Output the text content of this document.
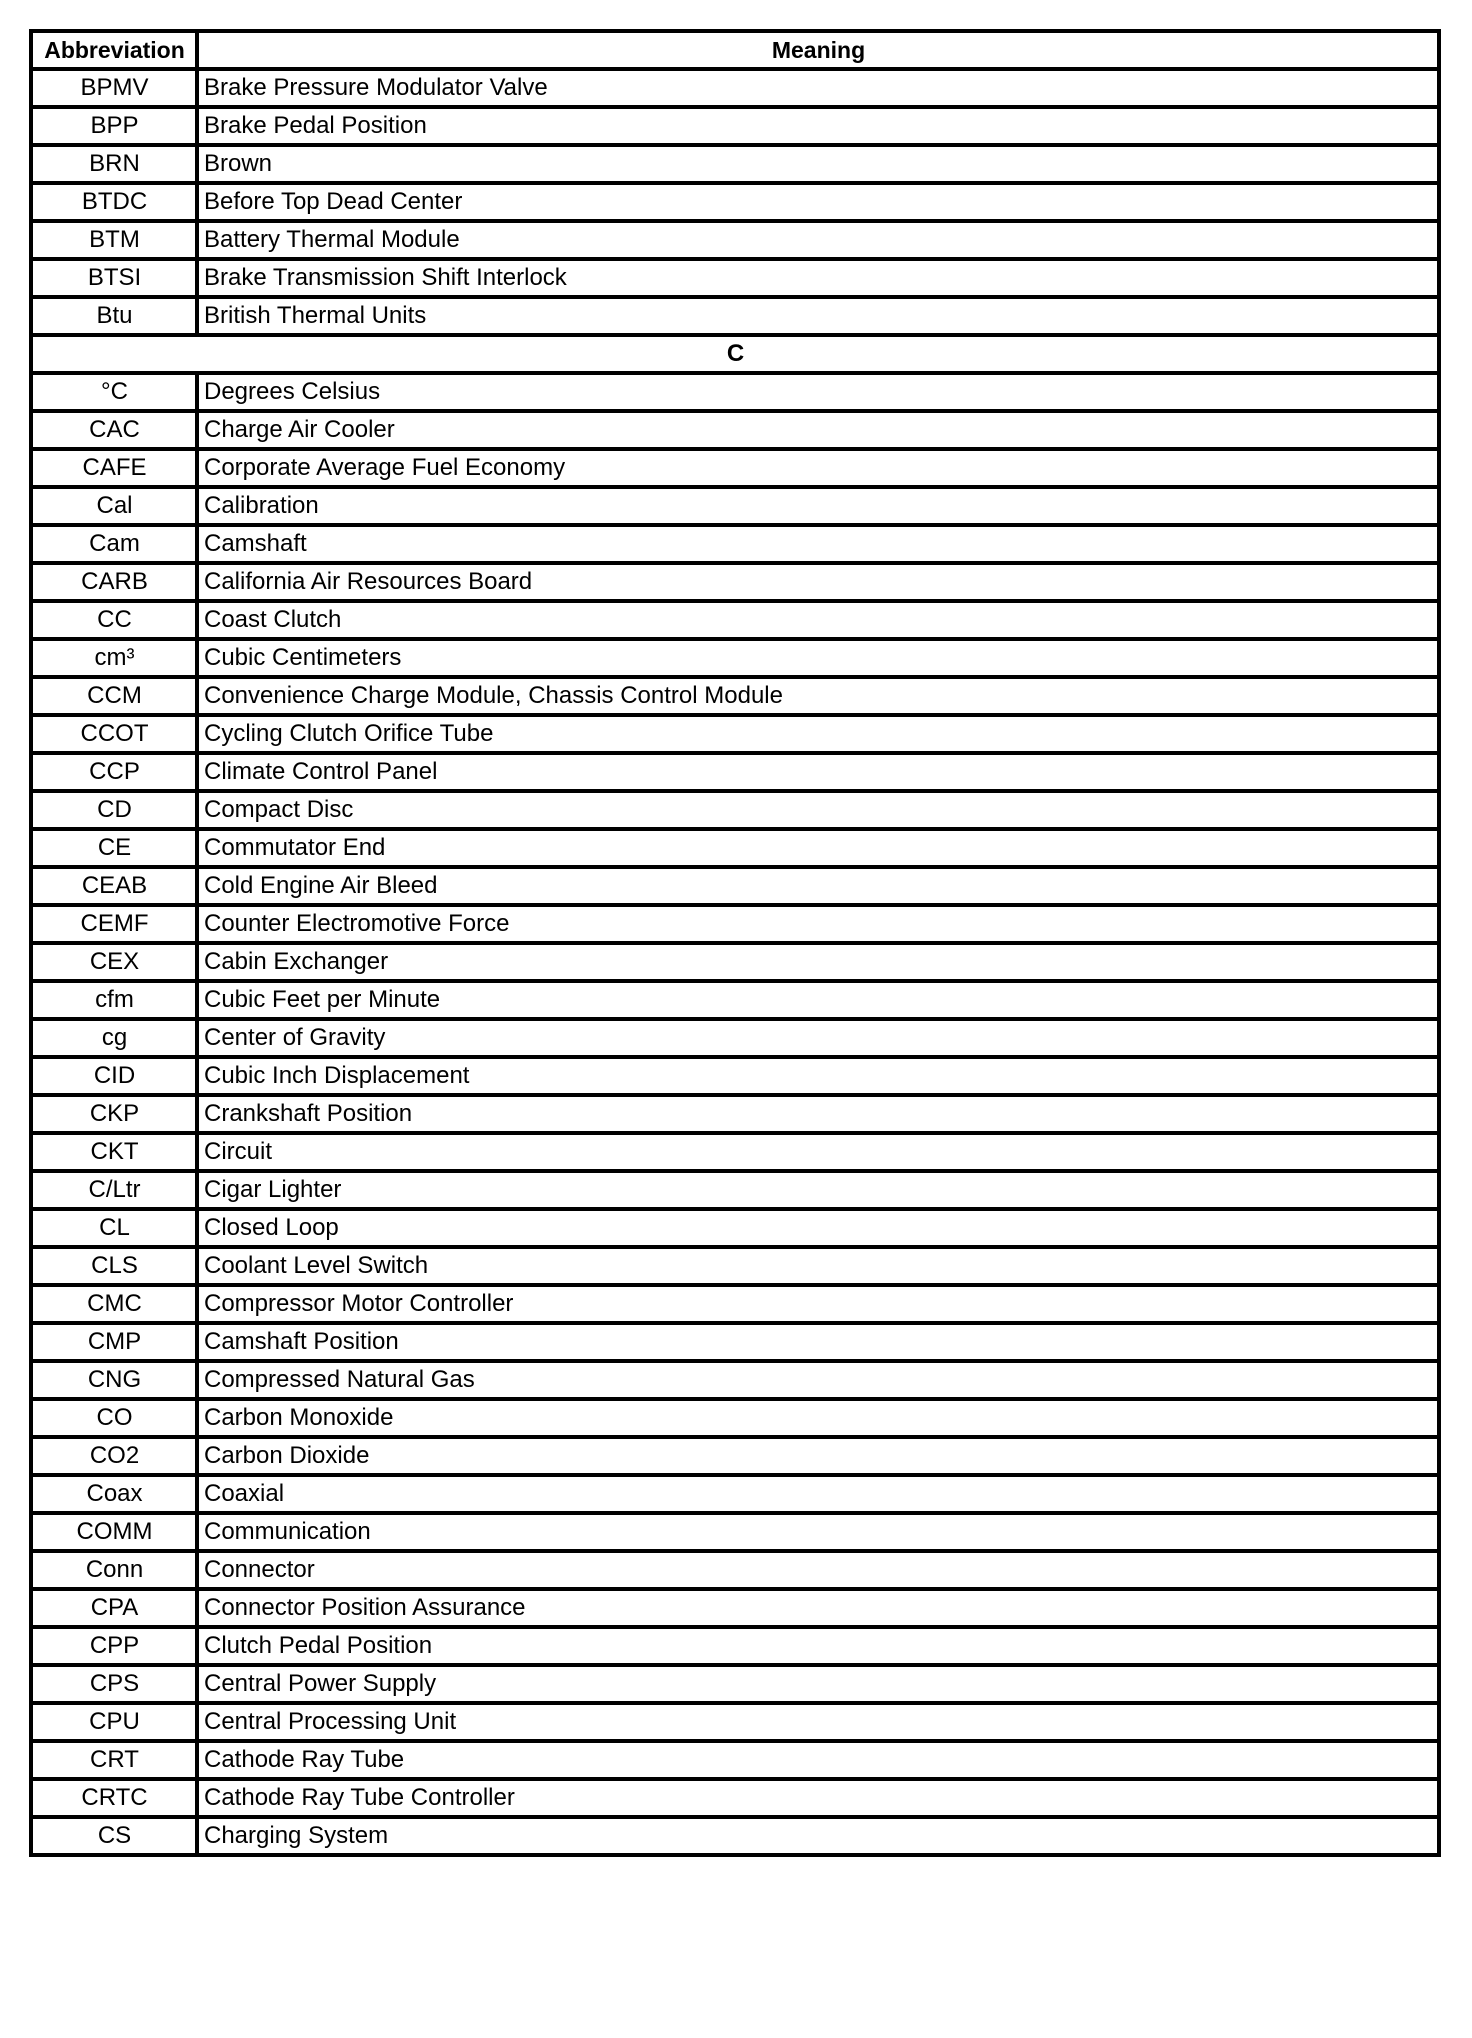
Abbreviation	Meaning
BPMV	Brake Pressure Modulator Valve
BPP	Brake Pedal Position
BRN	Brown
BTDC	Before Top Dead Center
BTM	Battery Thermal Module
BTSI	Brake Transmission Shift Interlock
Btu	British Thermal Units
C	
°C	Degrees Celsius
CAC	Charge Air Cooler
CAFE	Corporate Average Fuel Economy
Cal	Calibration
Cam	Camshaft
CARB	California Air Resources Board
CC	Coast Clutch
cm³	Cubic Centimeters
CCM	Convenience Charge Module, Chassis Control Module
CCOT	Cycling Clutch Orifice Tube
CCP	Climate Control Panel
CD	Compact Disc
CE	Commutator End
CEAB	Cold Engine Air Bleed
CEMF	Counter Electromotive Force
CEX	Cabin Exchanger
cfm	Cubic Feet per Minute
cg	Center of Gravity
CID	Cubic Inch Displacement
CKP	Crankshaft Position
CKT	Circuit
C/Ltr	Cigar Lighter
CL	Closed Loop
CLS	Coolant Level Switch
CMC	Compressor Motor Controller
CMP	Camshaft Position
CNG	Compressed Natural Gas
CO	Carbon Monoxide
CO2	Carbon Dioxide
Coax	Coaxial
COMM	Communication
Conn	Connector
CPA	Connector Position Assurance
CPP	Clutch Pedal Position
CPS	Central Power Supply
CPU	Central Processing Unit
CRT	Cathode Ray Tube
CRTC	Cathode Ray Tube Controller
CS	Charging System
